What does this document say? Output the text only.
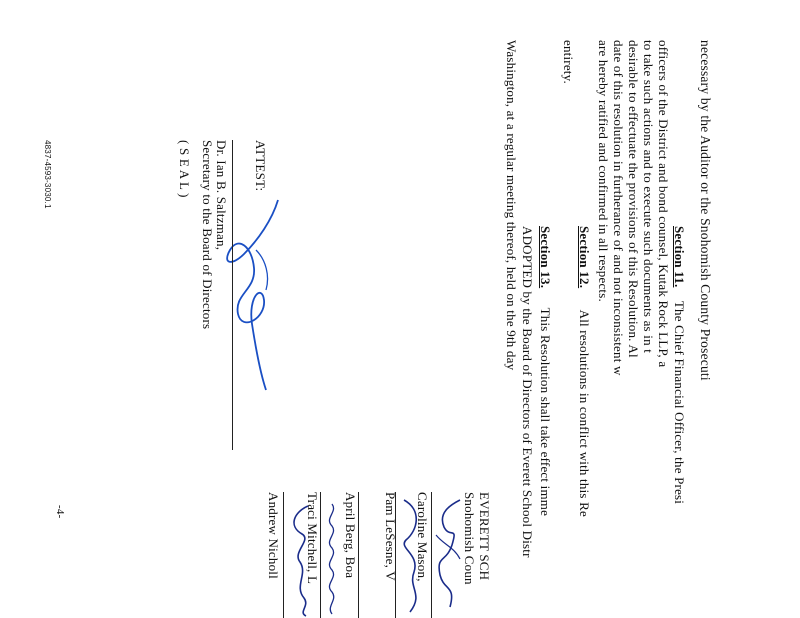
necessary by the Auditor or the Snohomish County Prosecuti
Section 11. The Chief Financial Officer, the Presi
officers of the District and bond counsel, Kutak Rock LLP, a
to take such actions and to execute such documents as in t
desirable to effectuate the provisions of this Resolution. Al
date of this resolution in furtherance of and not inconsistent w
are hereby ratified and confirmed in all respects.
Section 12. All resolutions in conflict with this Re
entirety.
Section 13. This Resolution shall take effect imme
ADOPTED by the Board of Directors of Everett School Distr
Washington, at a regular meeting thereof, held on the 9th day
EVERETT SCH
Snohomish Coun
Caroline Mason,
Pam LeSesne, V
April Berg, Boa
Traci Mitchell, L
Andrew Nicholl
ATTEST:
Dr. Ian B. Saltzman,
Secretary to the Board of Directors
( S E A L )
-4-
4837-4593-3030.1
